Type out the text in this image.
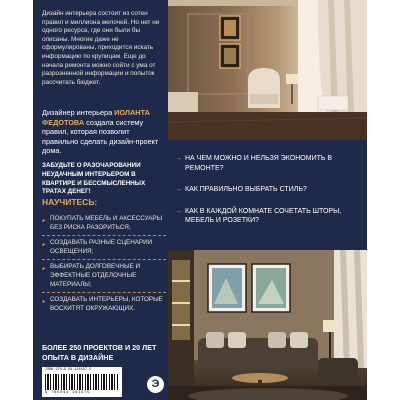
Дизайн интерьера состоит из сотен правил и миллиона мелочей. Но нет ни одного ресурса, где они были бы описаны. Многие даже не сформулированы, приходится искать информацию по крупицам. Еще до начала ремонта можно сойти с ума от разрозненной информации и попыток рассчитать бюджет.

Дизайнер интерьера ИОЛАНТА ФЕДОТОВА создала систему правил, которая позволит правильно сделать дизайн-проект дома.

ЗАБУДЬТЕ О РАЗОЧАРОВАНИИ НЕУДАЧНЫМ ИНТЕРЬЕРОМ В КВАРТИРЕ И БЕССМЫСЛЕННЫХ ТРАТАХ ДЕНЕГ!

НАУЧИТЕСЬ:

● ПОКУПАТЬ МЕБЕЛЬ И АКСЕССУАРЫ БЕЗ РИСКА РАЗОРИТЬСЯ;
● СОЗДАВАТЬ РАЗНЫЕ СЦЕНАРИИ ОСВЕЩЕНИЯ;
● ВЫБИРАТЬ ДОЛГОВЕЧНЫЕ И ЭФФЕКТНЫЕ ОТДЕЛОЧНЫЕ МАТЕРИАЛЫ;
● СОЗДАВАТЬ ИНТЕРЬЕРЫ, КОТОРЫЕ ВОСХИТЯТ ОКРУЖАЮЩИХ.
→ НА ЧЕМ МОЖНО И НЕЛЬЗЯ ЭКОНОМИТЬ В РЕМОНТЕ?
→ КАК ПРАВИЛЬНО ВЫБРАТЬ СТИЛЬ?
→ КАК В КАЖДОЙ КОМНАТЕ СОЧЕТАТЬ ШТОРЫ, МЕБЕЛЬ И РОЗЕТКИ?

БОЛЕЕ 250 ПРОЕКТОВ И 20 ЛЕТ ОПЫТА В ДИЗАЙНЕ

ISBN 978-5-04-116197-5
9 785041 161975
Э
